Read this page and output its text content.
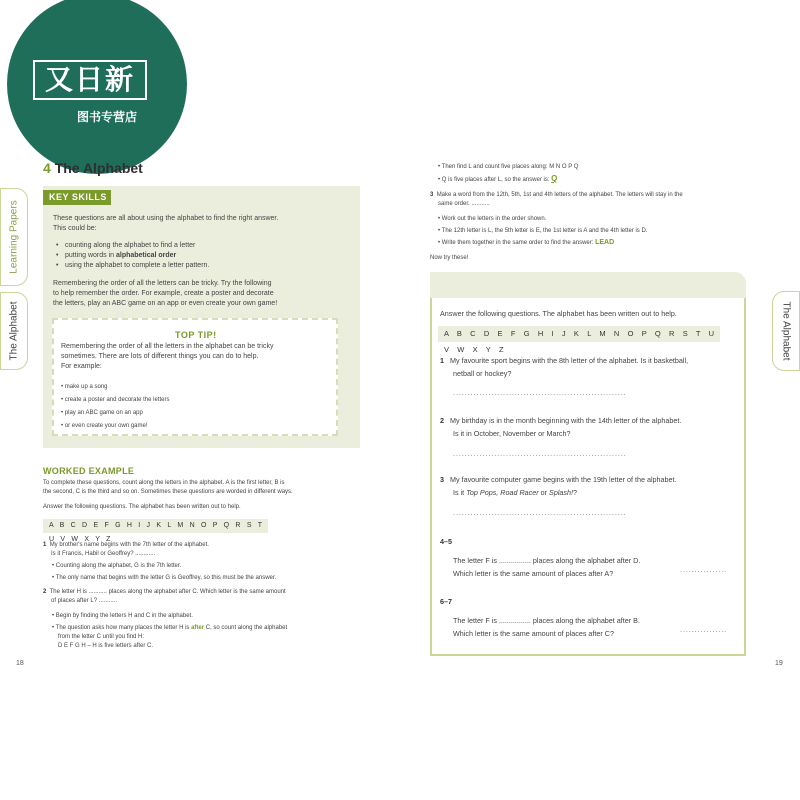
又日新
图书专营店
Learning Papers
The Alphabet
4 The Alphabet
KEY SKILLS
These questions are all about using the alphabet to find the right answer.
This could be:
• counting along the alphabet to find a letter
• putting words in alphabetical order
• using the alphabet to complete a letter pattern.
Remembering the order of all the letters can be tricky. Try the following
to help remember the order. For example, create a poster and decorate
the letters, play an ABC game on an app or even create your own game!
TOP TIP!
Remembering the order of all the letters in the alphabet can be tricky
sometimes. There are lots of different things you can do to help.
For example:
• make up a song
• create a poster and decorate the letters
• play an ABC game on an app
• or even create your own game!
WORKED EXAMPLE
To complete these questions, count along the letters in the alphabet. A is the first letter, B is
the second, C is the third and so on. Sometimes these questions are worded in different ways.
Answer the following questions. The alphabet has been written out to help.
A B C D E F G H I J K L M N O P Q R S T U V W X Y Z
1 My brother's name begins with the 7th letter of the alphabet.
Is it Francis, Habil or Geoffrey? ............
• Counting along the alphabet, G is the 7th letter.
• The only name that begins with the letter G is Geoffrey, so this must be the answer.
2 The letter H is ........... places along the alphabet after C. Which letter is the same amount
of places after L? ...........
• Begin by finding the letters H and C in the alphabet.
• The question asks how many places the letter H is after C, so count along the alphabet
from the letter C until you find H:
D E F G H – H is five letters after C.
18
The Alphabet
• Then find L and count five places along: M N O P Q
• Q is five places after L, so the answer is: Q
3 Make a word from the 12th, 5th, 1st and 4th letters of the alphabet. The letters will stay in the
same order. ...........
• Work out the letters in the order shown.
• The 12th letter is L, the 5th letter is E, the 1st letter is A and the 4th letter is D.
• Write them together in the same order to find the answer: LEAD
Now try these!
Answer the following questions. The alphabet has been written out to help.
A B C D E F G H I J K L M N O P Q R S T U V W X Y Z
1 My favourite sport begins with the 8th letter of the alphabet. Is it basketball,
netball or hockey?
...........................................................
2 My birthday is in the month beginning with the 14th letter of the alphabet.
Is it in October, November or March?
...........................................................
3 My favourite computer game begins with the 19th letter of the alphabet.
Is it Top Pops, Road Racer or Splash!?
...........................................................
4–5
The letter F is ................ places along the alphabet after D.
Which letter is the same amount of places after A?	................
6–7
The letter F is ................ places along the alphabet after B.
Which letter is the same amount of places after C?	................
19
